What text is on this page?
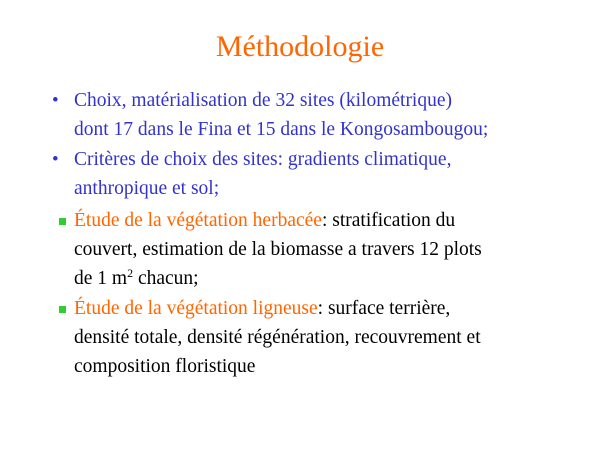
Méthodologie
• Choix, matérialisation de 32 sites (kilométrique)
dont 17 dans le Fina et 15 dans le Kongosambougou;
• Critères de choix des sites: gradients climatique,
anthropique et sol;
Étude de la végétation herbacée: stratification du
couvert, estimation de la biomasse a travers 12 plots
de 1 $m^2$ chacun;
Étude de la végétation ligneuse: surface terrière,
densité totale, densité régénération, recouvrement et
composition floristique
